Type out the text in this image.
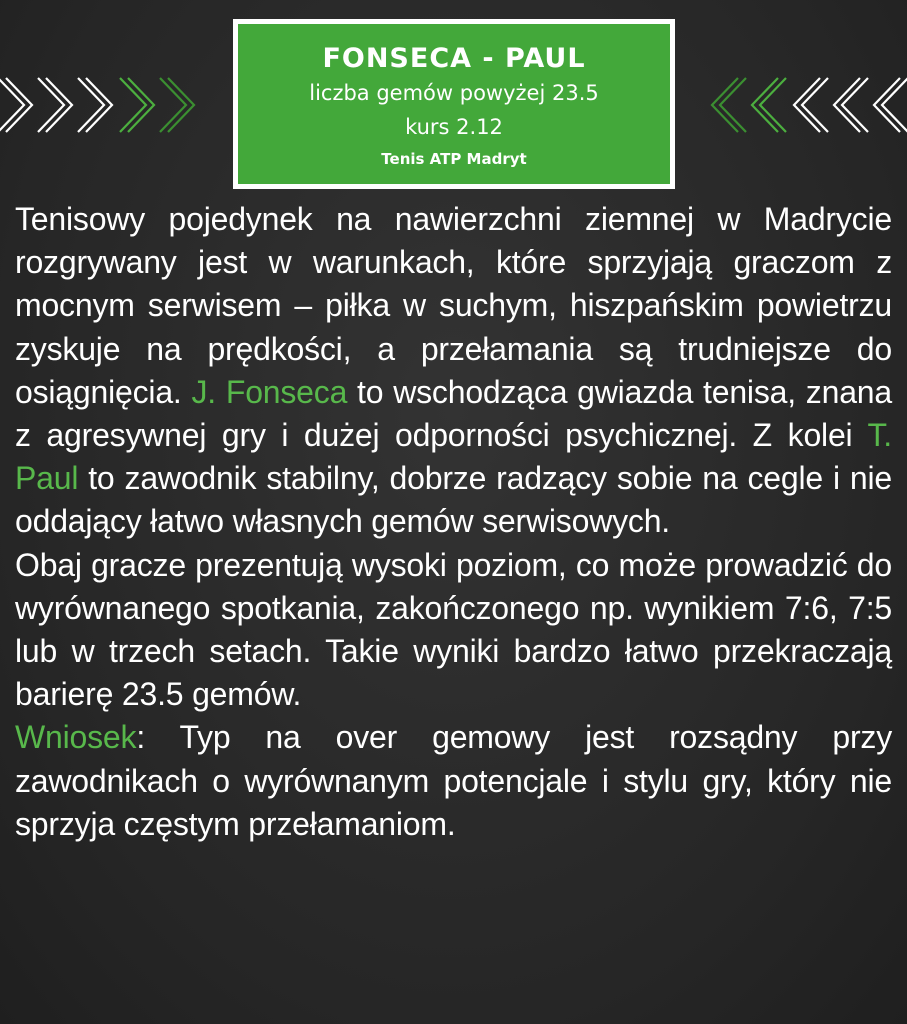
FONSECA - PAUL
liczba gemów powyżej 23.5
kurs 2.12
Tenis ATP Madryt

Tenisowy pojedynek na nawierzchni ziemnej w Madrycie rozgrywany jest w warunkach, które sprzyjają graczom z mocnym serwisem – piłka w suchym, hiszpańskim powietrzu zyskuje na prędkości, a przełamania są trudniejsze do osiągnięcia. J. Fonseca to wschodząca gwiazda tenisa, znana z agresywnej gry i dużej odporności psychicznej. Z kolei T. Paul to zawodnik stabilny, dobrze radzący sobie na cegle i nie oddający łatwo własnych gemów serwisowych.

Obaj gracze prezentują wysoki poziom, co może prowadzić do wyrównanego spotkania, zakończonego np. wynikiem 7:6, 7:5 lub w trzech setach. Takie wyniki bardzo łatwo przekraczają barierę 23.5 gemów.

Wniosek: Typ na over gemowy jest rozsądny przy zawodnikach o wyrównanym potencjale i stylu gry, który nie sprzyja częstym przełamaniom.
